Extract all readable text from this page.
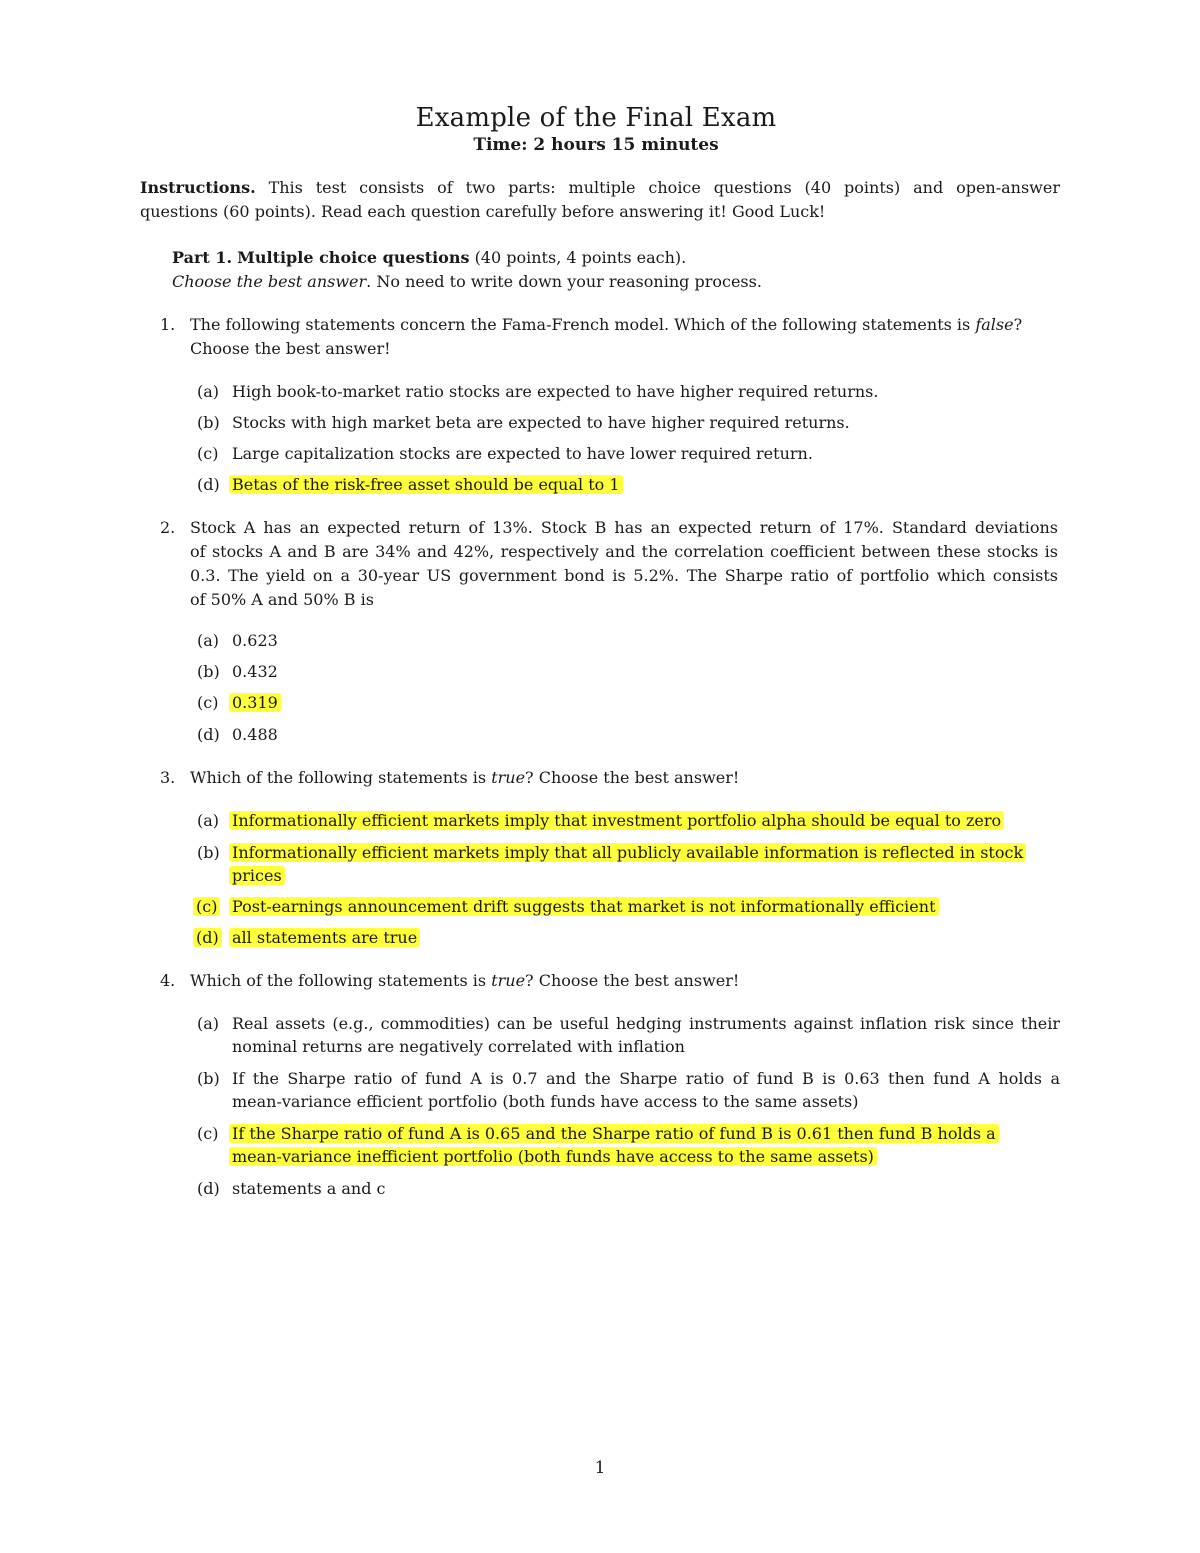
Example of the Final Exam
Time: 2 hours 15 minutes
Instructions. This test consists of two parts: multiple choice questions (40 points) and open-answer
questions (60 points). Read each question carefully before answering it! Good Luck!
Part 1. Multiple choice questions (40 points, 4 points each).
Choose the best answer. No need to write down your reasoning process.
1. The following statements concern the Fama-French model. Which of the following statements is false? Choose the best answer!
(a) High book-to-market ratio stocks are expected to have higher required returns.
(b) Stocks with high market beta are expected to have higher required returns.
(c) Large capitalization stocks are expected to have lower required return.
(d) Betas of the risk-free asset should be equal to 1
2. Stock A has an expected return of 13%. Stock B has an expected return of 17%. Standard deviations
of stocks A and B are 34% and 42%, respectively and the correlation coefficient between these stocks is
0.3. The yield on a 30-year US government bond is 5.2%. The Sharpe ratio of portfolio which consists
of 50% A and 50% B is
(a) 0.623
(b) 0.432
(c) 0.319
(d) 0.488
3. Which of the following statements is true? Choose the best answer!
(a) Informationally efficient markets imply that investment portfolio alpha should be equal to zero
(b) Informationally efficient markets imply that all publicly available information is reflected in stock
prices
(c) Post-earnings announcement drift suggests that market is not informationally efficient
(d) all statements are true
4. Which of the following statements is true? Choose the best answer!
(a) Real assets (e.g., commodities) can be useful hedging instruments against inflation risk since their
nominal returns are negatively correlated with inflation
(b) If the Sharpe ratio of fund A is 0.7 and the Sharpe ratio of fund B is 0.63 then fund A holds a
mean-variance efficient portfolio (both funds have access to the same assets)
(c) If the Sharpe ratio of fund A is 0.65 and the Sharpe ratio of fund B is 0.61 then fund B holds a
mean-variance inefficient portfolio (both funds have access to the same assets)
(d) statements a and c
1
